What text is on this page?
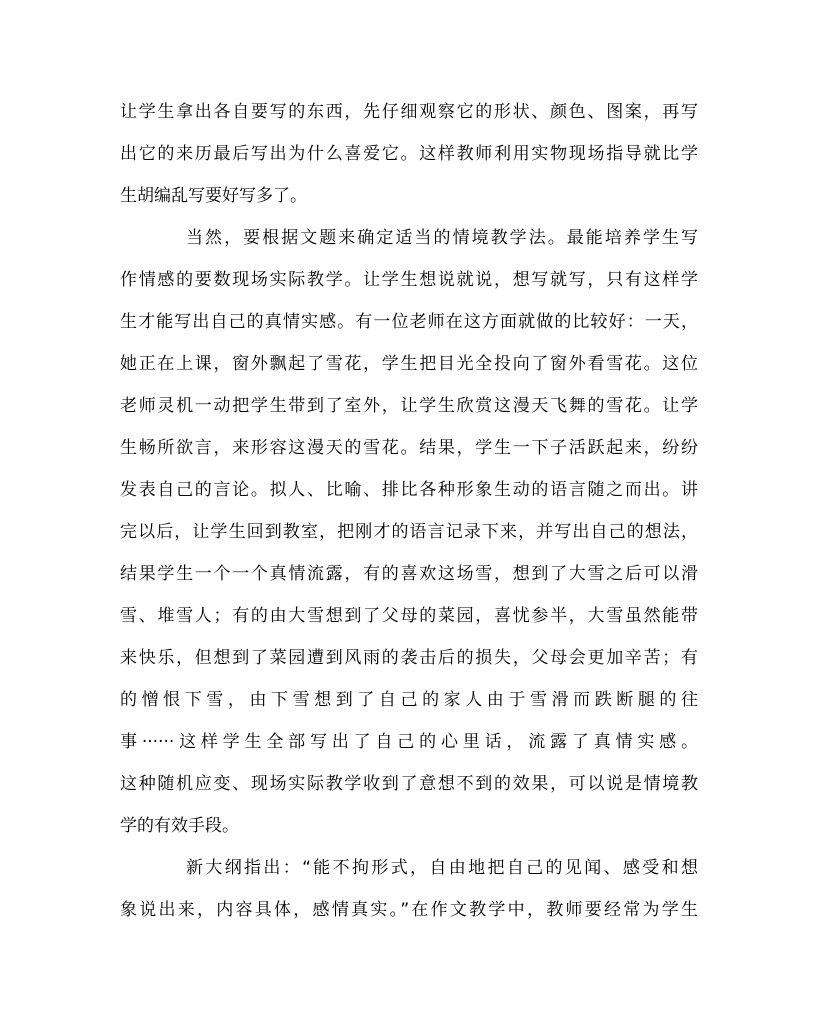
让学生拿出各自要写的东西，先仔细观察它的形状、颜色、图案，再写
出它的来历最后写出为什么喜爱它。这样教师利用实物现场指导就比学
生胡编乱写要好写多了。
当然，要根据文题来确定适当的情境教学法。最能培养学生写
作情感的要数现场实际教学。让学生想说就说，想写就写，只有这样学
生才能写出自己的真情实感。有一位老师在这方面就做的比较好：一天，
她正在上课，窗外飘起了雪花，学生把目光全投向了窗外看雪花。这位
老师灵机一动把学生带到了室外，让学生欣赏这漫天飞舞的雪花。让学
生畅所欲言，来形容这漫天的雪花。结果，学生一下子活跃起来，纷纷
发表自己的言论。拟人、比喻、排比各种形象生动的语言随之而出。讲
完以后，让学生回到教室，把刚才的语言记录下来，并写出自己的想法，
结果学生一个一个真情流露，有的喜欢这场雪，想到了大雪之后可以滑
雪、堆雪人；有的由大雪想到了父母的菜园，喜忧参半，大雪虽然能带
来快乐，但想到了菜园遭到风雨的袭击后的损失，父母会更加辛苦；有
的憎恨下雪，由下雪想到了自己的家人由于雪滑而跌断腿的往
事······这样学生全部写出了自己的心里话，流露了真情实感。
这种随机应变、现场实际教学收到了意想不到的效果，可以说是情境教
学的有效手段。
新大纲指出：“能不拘形式，自由地把自己的见闻、感受和想
象说出来，内容具体，感情真实。”在作文教学中，教师要经常为学生
